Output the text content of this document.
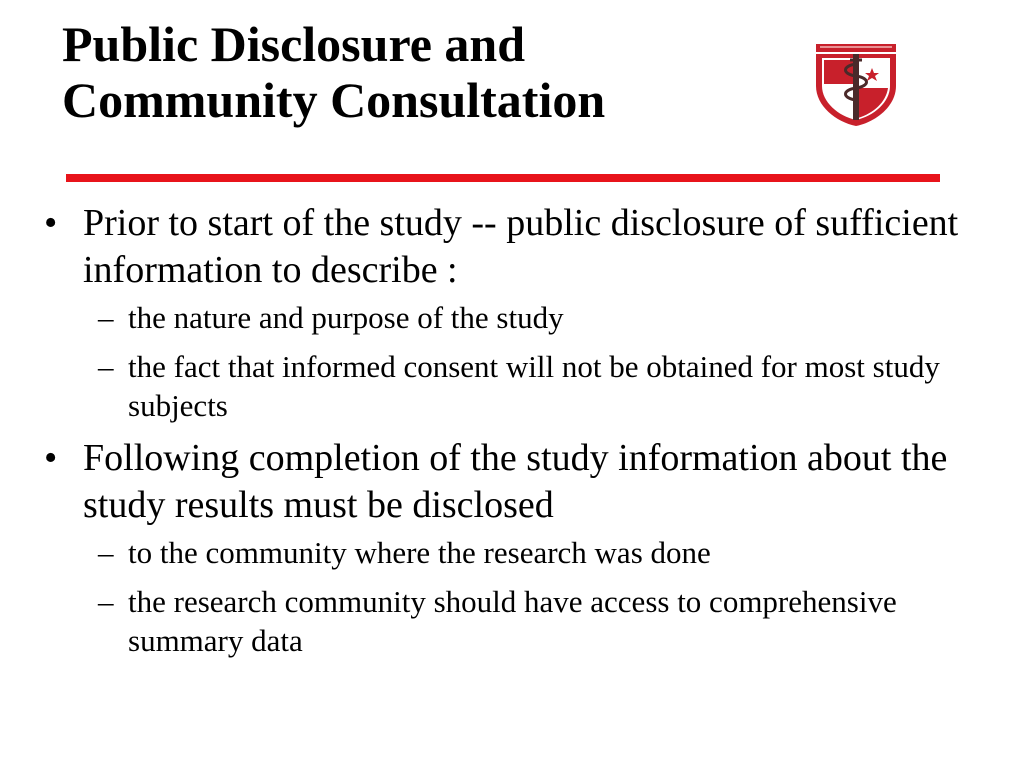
Public Disclosure and
Community Consultation
• Prior to start of the study -- public disclosure of sufficient information to describe :
– the nature and purpose of the study
– the fact that informed consent will not be obtained for most study subjects
• Following completion of the study information about the study results must be disclosed
– to the community where the research was done
– the research community should have access to comprehensive summary data
